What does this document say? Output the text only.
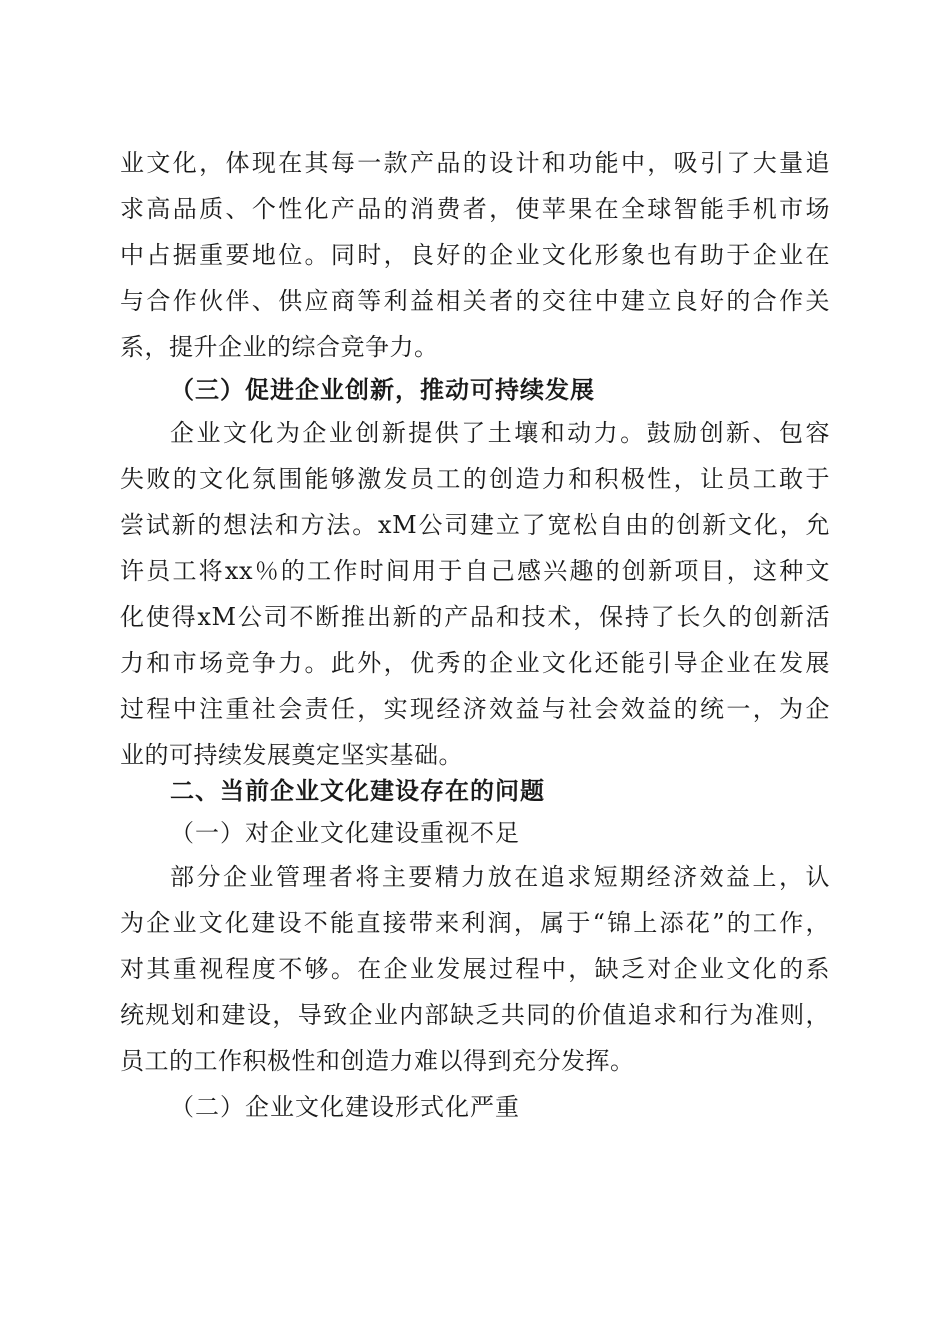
业文化，体现在其每一款产品的设计和功能中，吸引了大量追
求高品质、个性化产品的消费者，使苹果在全球智能手机市场
中占据重要地位。同时，良好的企业文化形象也有助于企业在
与合作伙伴、供应商等利益相关者的交往中建立良好的合作关
系，提升企业的综合竞争力。
（三）促进企业创新，推动可持续发展
企业文化为企业创新提供了土壤和动力。鼓励创新、包容
失败的文化氛围能够激发员工的创造力和积极性，让员工敢于
尝试新的想法和方法。xM公司建立了宽松自由的创新文化，允
许员工将xx％的工作时间用于自己感兴趣的创新项目，这种文
化使得xM公司不断推出新的产品和技术，保持了长久的创新活
力和市场竞争力。此外，优秀的企业文化还能引导企业在发展
过程中注重社会责任，实现经济效益与社会效益的统一，为企
业的可持续发展奠定坚实基础。
二、当前企业文化建设存在的问题
（一）对企业文化建设重视不足
部分企业管理者将主要精力放在追求短期经济效益上，认
为企业文化建设不能直接带来利润，属于“锦上添花”的工作，
对其重视程度不够。在企业发展过程中，缺乏对企业文化的系
统规划和建设，导致企业内部缺乏共同的价值追求和行为准则，
员工的工作积极性和创造力难以得到充分发挥。
（二）企业文化建设形式化严重
